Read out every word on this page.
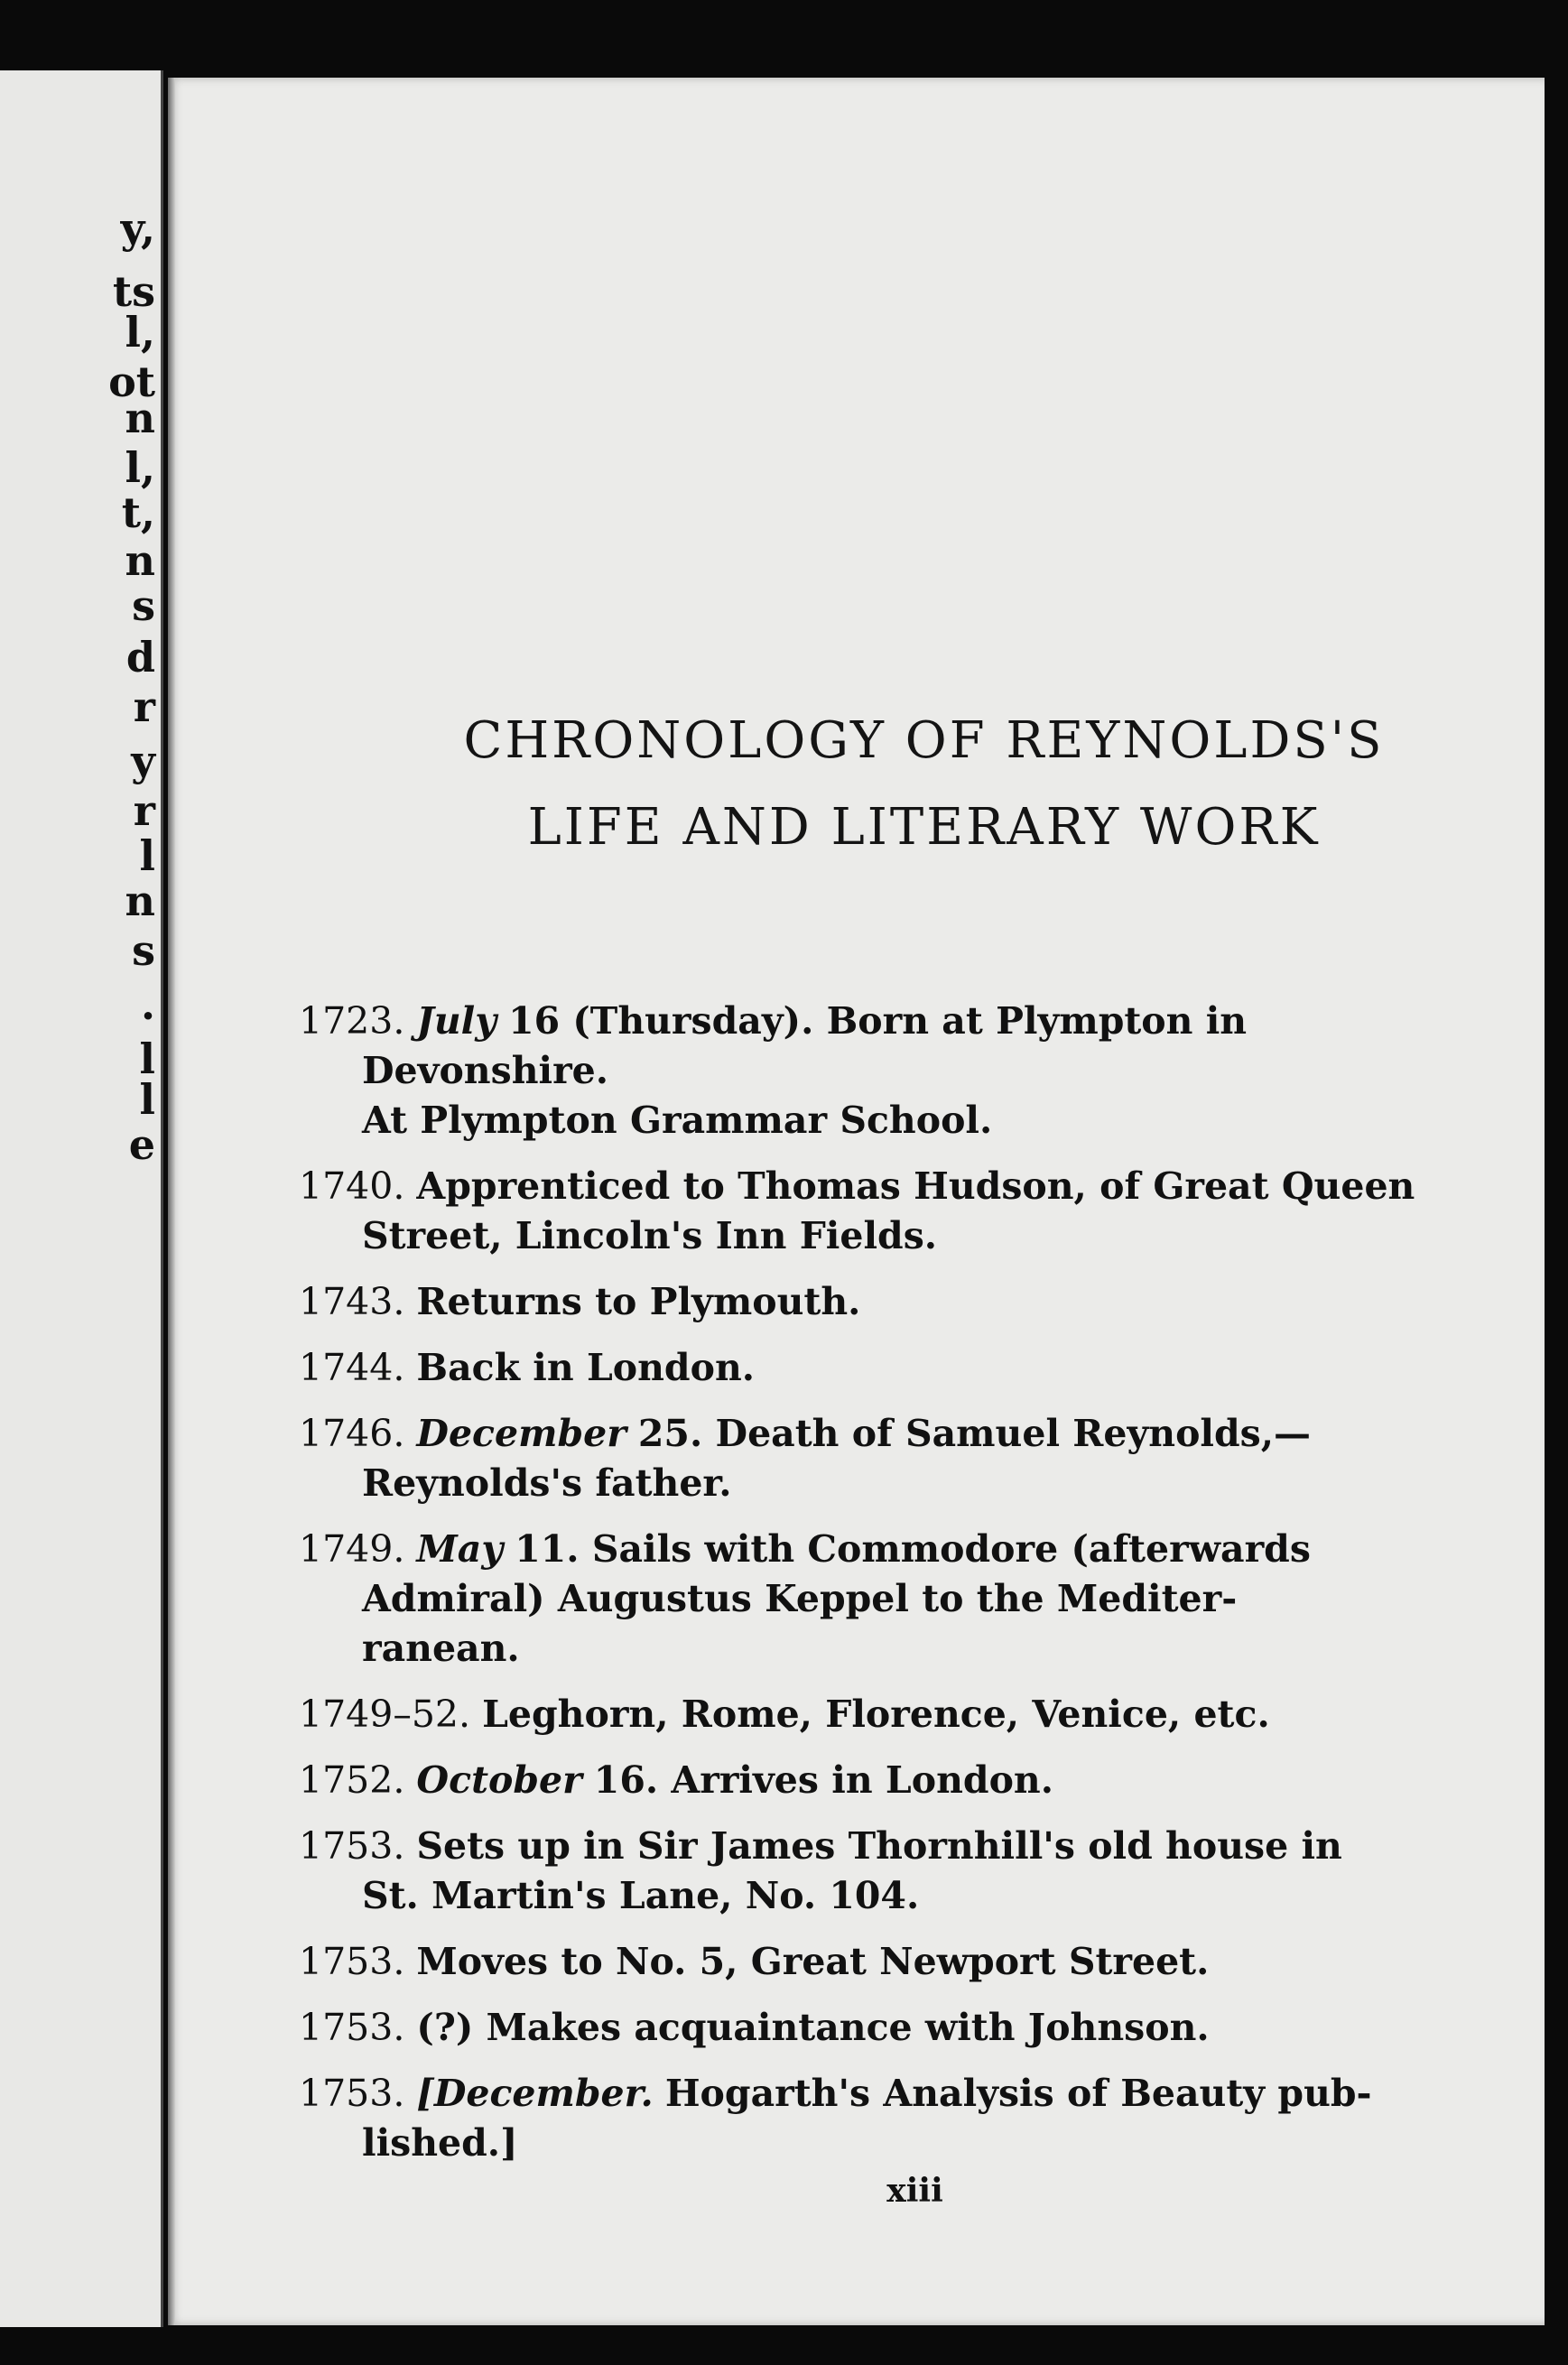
y,
ts
l,
ot
n
l,
t,
n
s
d
r
y
r
l
n
s
.
l
l
e
CHRONOLOGY OF REYNOLDS'S
LIFE AND LITERARY WORK
1723. July 16 (Thursday). Born at Plympton in
Devonshire.
At Plympton Grammar School.
1740. Apprenticed to Thomas Hudson, of Great Queen
Street, Lincoln's Inn Fields.
1743. Returns to Plymouth.
1744. Back in London.
1746. December 25. Death of Samuel Reynolds,—
Reynolds's father.
1749. May 11. Sails with Commodore (afterwards
Admiral) Augustus Keppel to the Mediter-
ranean.
1749–52. Leghorn, Rome, Florence, Venice, etc.
1752. October 16. Arrives in London.
1753. Sets up in Sir James Thornhill's old house in
St. Martin's Lane, No. 104.
1753. Moves to No. 5, Great Newport Street.
1753. (?) Makes acquaintance with Johnson.
1753. [December. Hogarth's Analysis of Beauty pub-
lished.]
xiii
